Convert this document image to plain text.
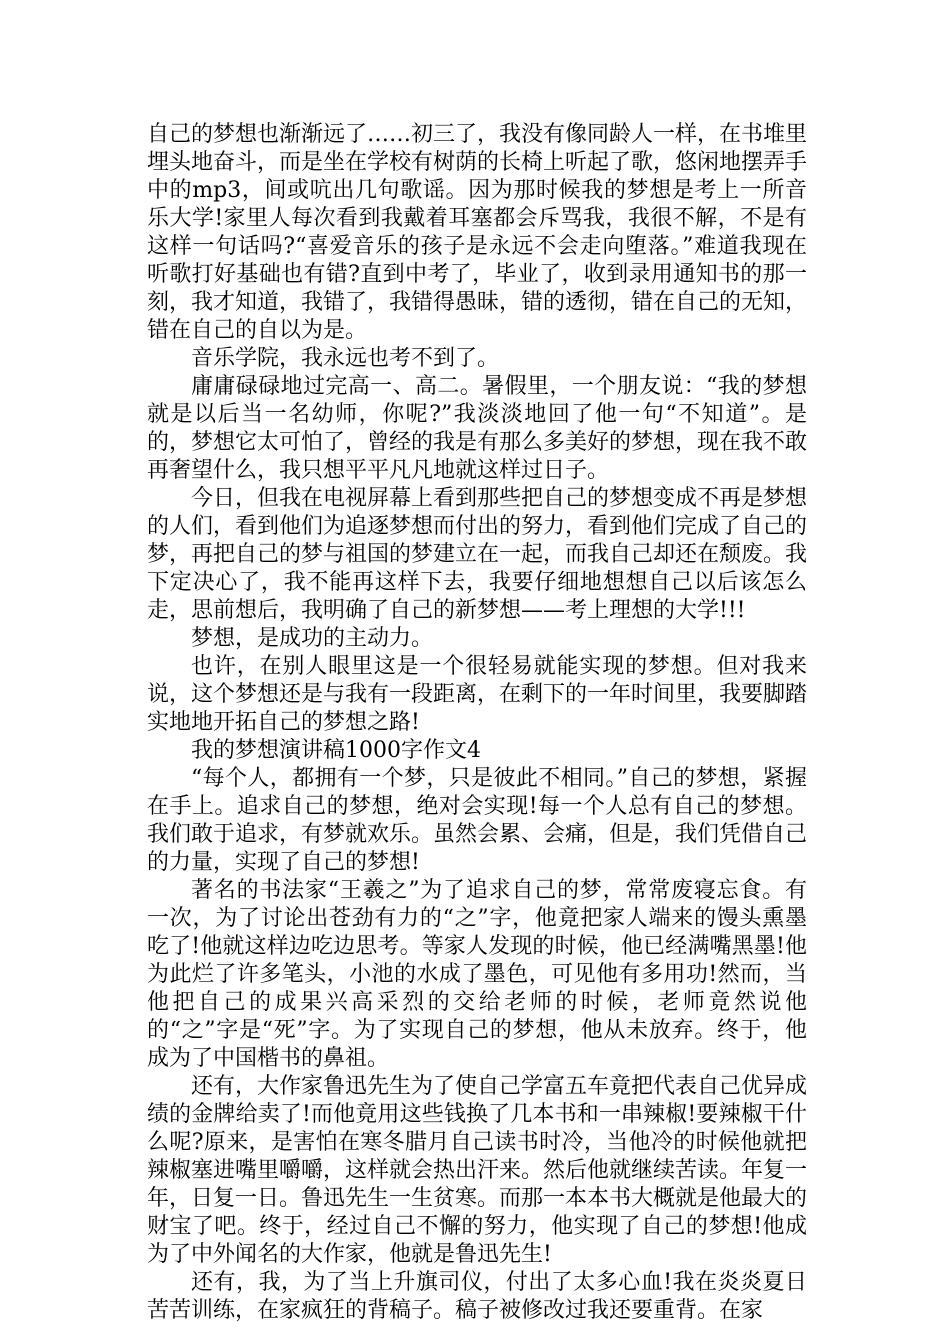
自己的梦想也渐渐远了……初三了，我没有像同龄人一样，在书堆里埋头地奋斗，而是坐在学校有树荫的长椅上听起了歌，悠闲地摆弄手中的mp3，间或吭出几句歌谣。因为那时候我的梦想是考上一所音乐大学!家里人每次看到我戴着耳塞都会斥骂我，我很不解，不是有这样一句话吗?“喜爱音乐的孩子是永远不会走向堕落。”难道我现在听歌打好基础也有错?直到中考了，毕业了，收到录用通知书的那一刻，我才知道，我错了，我错得愚昧，错的透彻，错在自己的无知，错在自己的自以为是。

音乐学院，我永远也考不到了。

庸庸碌碌地过完高一、高二。暑假里，一个朋友说：“我的梦想就是以后当一名幼师，你呢?”我淡淡地回了他一句“不知道”。是的，梦想它太可怕了，曾经的我是有那么多美好的梦想，现在我不敢再奢望什么，我只想平平凡凡地就这样过日子。

今日，但我在电视屏幕上看到那些把自己的梦想变成不再是梦想的人们，看到他们为追逐梦想而付出的努力，看到他们完成了自己的梦，再把自己的梦与祖国的梦建立在一起，而我自己却还在颓废。我下定决心了，我不能再这样下去，我要仔细地想想自己以后该怎么走，思前想后，我明确了自己的新梦想——考上理想的大学!!!

梦想，是成功的主动力。

也许，在别人眼里这是一个很轻易就能实现的梦想。但对我来说，这个梦想还是与我有一段距离，在剩下的一年时间里，我要脚踏实地地开拓自己的梦想之路!

我的梦想演讲稿1000字作文4

“每个人，都拥有一个梦，只是彼此不相同。”自己的梦想，紧握在手上。追求自己的梦想，绝对会实现!每一个人总有自己的梦想。我们敢于追求，有梦就欢乐。虽然会累、会痛，但是，我们凭借自己的力量，实现了自己的梦想!

著名的书法家“王羲之”为了追求自己的梦，常常废寝忘食。有一次，为了讨论出苍劲有力的“之”字，他竟把家人端来的馒头熏墨吃了!他就这样边吃边思考。等家人发现的时候，他已经满嘴黑墨!他为此烂了许多笔头，小池的水成了墨色，可见他有多用功!然而，当他把自己的成果兴高采烈的交给老师的时候，老师竟然说他的“之”字是“死”字。为了实现自己的梦想，他从未放弃。终于，他成为了中国楷书的鼻祖。

还有，大作家鲁迅先生为了使自己学富五车竟把代表自己优异成绩的金牌给卖了!而他竟用这些钱换了几本书和一串辣椒!要辣椒干什么呢?原来，是害怕在寒冬腊月自己读书时冷，当他冷的时候他就把辣椒塞进嘴里嚼嚼，这样就会热出汗来。然后他就继续苦读。年复一年，日复一日。鲁迅先生一生贫寒。而那一本本书大概就是他最大的财宝了吧。终于，经过自己不懈的努力，他实现了自己的梦想!他成为了中外闻名的大作家，他就是鲁迅先生!

还有，我，为了当上升旗司仪，付出了太多心血!我在炎炎夏日苦苦训练，在家疯狂的背稿子。稿子被修改过我还要重背。在家
